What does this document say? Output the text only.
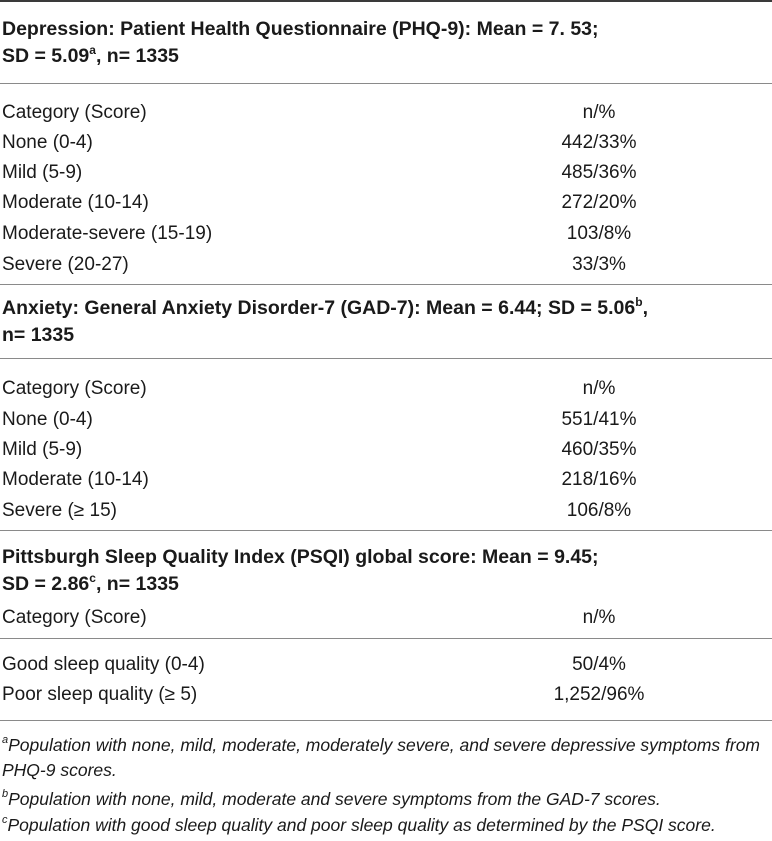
Depression: Patient Health Questionnaire (PHQ-9): Mean = 7. 53;
SD = 5.09$^a$, n= 1335
Category (Score)	n/%
None (0-4)	442/33%
Mild (5-9)	485/36%
Moderate (10-14)	272/20%
Moderate-severe (15-19)	103/8%
Severe (20-27)	33/3%
Anxiety: General Anxiety Disorder-7 (GAD-7): Mean = 6.44; SD = 5.06$^b$,
n= 1335
Category (Score)	n/%
None (0-4)	551/41%
Mild (5-9)	460/35%
Moderate (10-14)	218/16%
Severe (≥ 15)	106/8%
Pittsburgh Sleep Quality Index (PSQI) global score: Mean = 9.45;
SD = 2.86$^c$, n= 1335
Category (Score)	n/%
Good sleep quality (0-4)	50/4%
Poor sleep quality (≥ 5)	1,252/96%
$^a$Population with none, mild, moderate, moderately severe, and severe depressive symptoms from PHQ-9 scores.
$^b$Population with none, mild, moderate and severe symptoms from the GAD-7 scores.
$^c$Population with good sleep quality and poor sleep quality as determined by the PSQI score.
